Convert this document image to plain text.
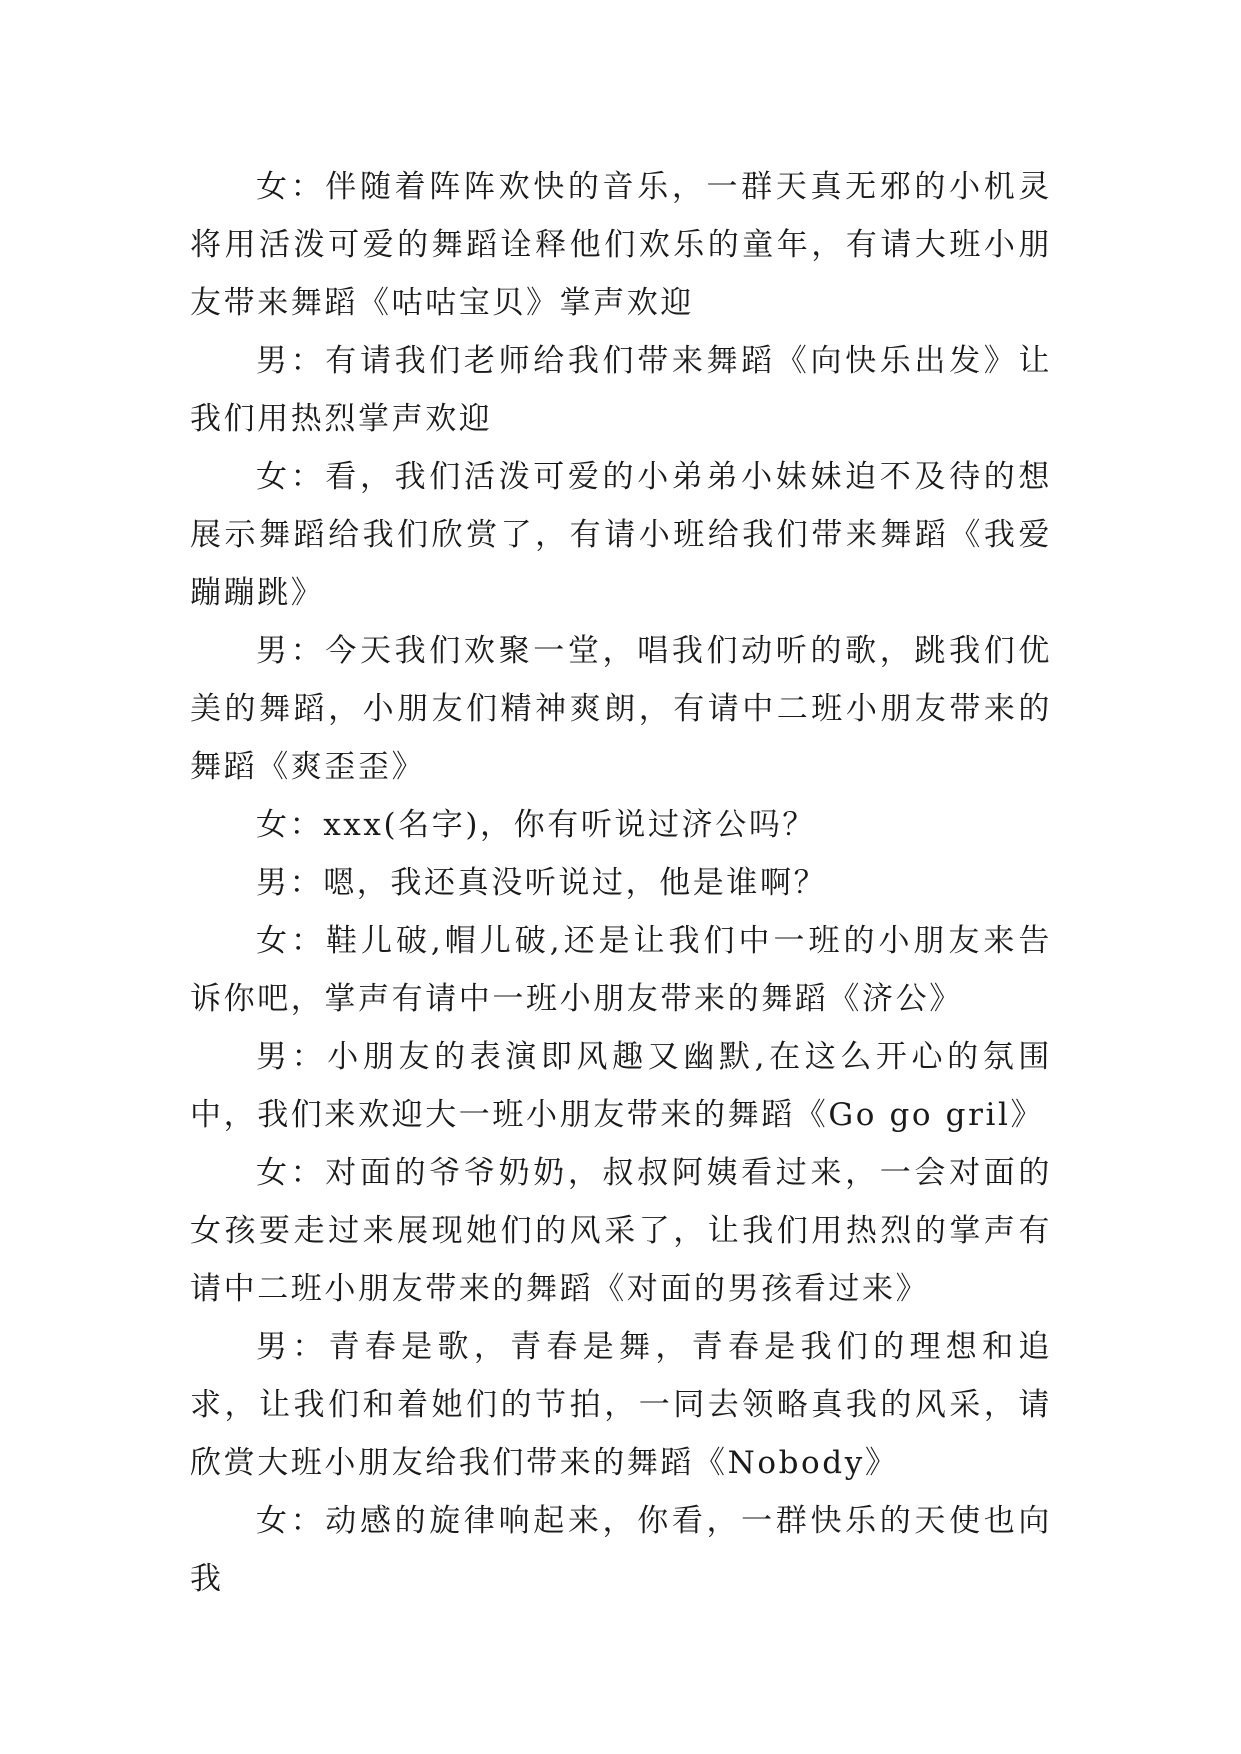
女：伴随着阵阵欢快的音乐，一群天真无邪的小机灵将用活泼可爱的舞蹈诠释他们欢乐的童年，有请大班小朋友带来舞蹈《咕咕宝贝》掌声欢迎

男：有请我们老师给我们带来舞蹈《向快乐出发》让我们用热烈掌声欢迎

女：看，我们活泼可爱的小弟弟小妹妹迫不及待的想展示舞蹈给我们欣赏了，有请小班给我们带来舞蹈《我爱蹦蹦跳》

男：今天我们欢聚一堂，唱我们动听的歌，跳我们优美的舞蹈，小朋友们精神爽朗，有请中二班小朋友带来的舞蹈《爽歪歪》

女：xxx(名字)，你有听说过济公吗？

男：嗯，我还真没听说过，他是谁啊？

女：鞋儿破,帽儿破,还是让我们中一班的小朋友来告诉你吧，掌声有请中一班小朋友带来的舞蹈《济公》

男：小朋友的表演即风趣又幽默,在这么开心的氛围中，我们来欢迎大一班小朋友带来的舞蹈《Go go gril》

女：对面的爷爷奶奶，叔叔阿姨看过来，一会对面的女孩要走过来展现她们的风采了，让我们用热烈的掌声有请中二班小朋友带来的舞蹈《对面的男孩看过来》

男：青春是歌，青春是舞，青春是我们的理想和追求，让我们和着她们的节拍，一同去领略真我的风采，请欣赏大班小朋友给我们带来的舞蹈《Nobody》

女：动感的旋律响起来，你看，一群快乐的天使也向我
